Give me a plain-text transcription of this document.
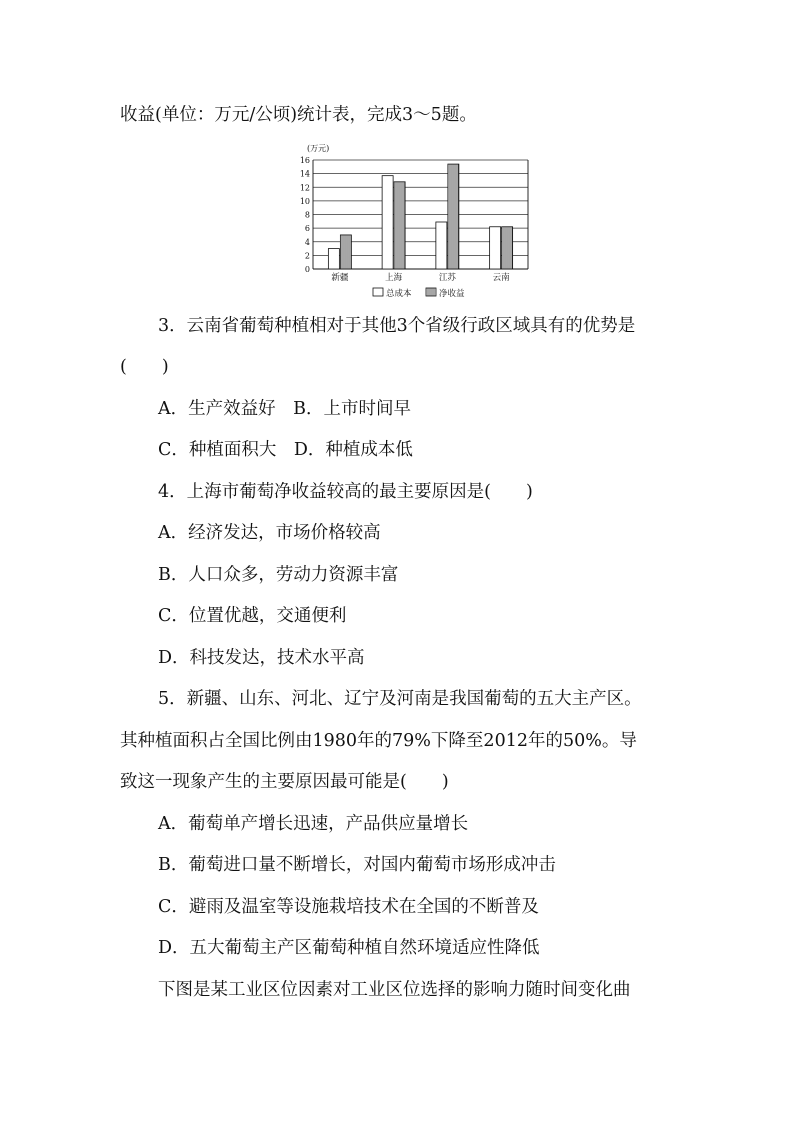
收益(单位：万元/公顷)统计表，完成3～5题。
(万元)
0
2
4
6
8
10
12
14
16
新疆	上海	江苏	云南
总成本	净收益
3．云南省葡萄种植相对于其他3个省级行政区域具有的优势是
(　　)
A．生产效益好　B．上市时间早
C．种植面积大　D．种植成本低
4．上海市葡萄净收益较高的最主要原因是(　　)
A．经济发达，市场价格较高
B．人口众多，劳动力资源丰富
C．位置优越，交通便利
D．科技发达，技术水平高
5．新疆、山东、河北、辽宁及河南是我国葡萄的五大主产区。
其种植面积占全国比例由1980年的79%下降至2012年的50%。导
致这一现象产生的主要原因最可能是(　　)
A．葡萄单产增长迅速，产品供应量增长
B．葡萄进口量不断增长，对国内葡萄市场形成冲击
C．避雨及温室等设施栽培技术在全国的不断普及
D．五大葡萄主产区葡萄种植自然环境适应性降低
下图是某工业区位因素对工业区位选择的影响力随时间变化曲
